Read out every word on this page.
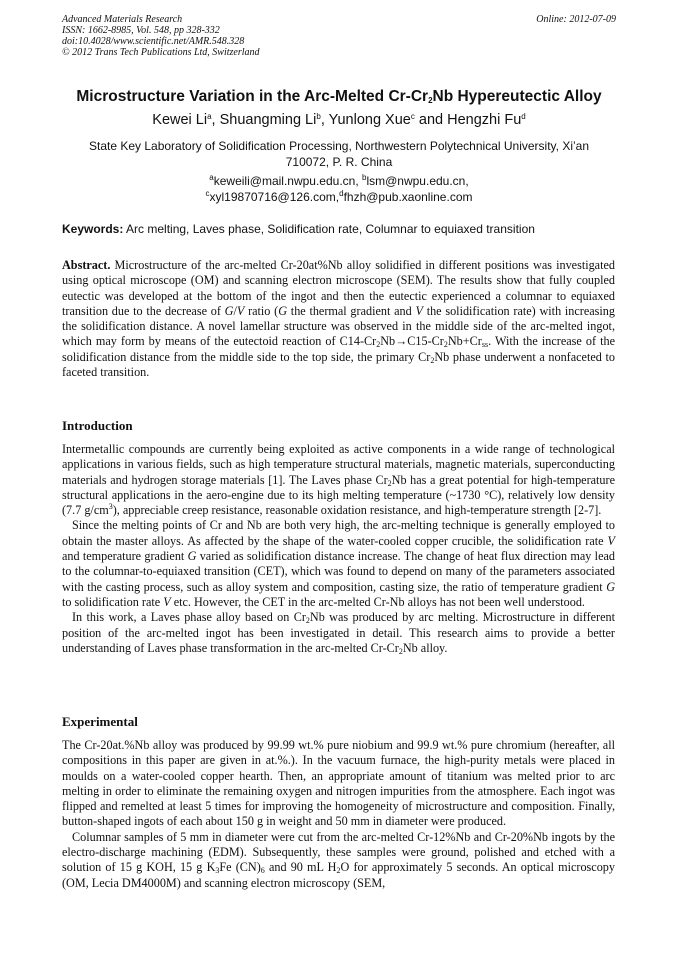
Advanced Materials Research
ISSN: 1662-8985, Vol. 548, pp 328-332
doi:10.4028/www.scientific.net/AMR.548.328
© 2012 Trans Tech Publications Ltd, Switzerland
Online: 2012-07-09
Microstructure Variation in the Arc-Melted $Cr-Cr_2Nb$ Hypereutectic Alloy
Kewei Li$^a$, Shuangming Li$^b$, Yunlong Xue$^c$ and Hengzhi Fu$^d$
State Key Laboratory of Solidification Processing, Northwestern Polytechnical University, Xi’an
710072, P. R. China
$^a$keweili@mail.nwpu.edu.cn, $^b$lsm@nwpu.edu.cn,
$^c$xyl19870716@126.com,$^d$fhzh@pub.xaonline.com
Keywords: Arc melting, Laves phase, Solidification rate, Columnar to equiaxed transition

Abstract. Microstructure of the arc-melted Cr-20at%Nb alloy solidified in different positions was investigated using optical microscope (OM) and scanning electron microscope (SEM). The results show that fully coupled eutectic was developed at the bottom of the ingot and then the eutectic experienced a columnar to equiaxed transition due to the decrease of G/V ratio (G the thermal gradient and V the solidification rate) with increasing the solidification distance. A novel lamellar structure was observed in the middle side of the arc-melted ingot, which may form by means of the eutectoid reaction of $C14-Cr_2Nb\to C15-Cr_2Nb+Cr_{ss}$. With the increase of the solidification distance from the middle side to the top side, the primary $Cr_2Nb$ phase underwent a nonfaceted to faceted transition.

Introduction

Intermetallic compounds are currently being exploited as active components in a wide range of technological applications in various fields, such as high temperature structural materials, magnetic materials, superconducting materials and hydrogen storage materials [1]. The Laves phase $Cr_2Nb$ has a great potential for high-temperature structural applications in the aero-engine due to its high melting temperature (~1730 °C), relatively low density (7.7 $g/cm^3$), appreciable creep resistance, reasonable oxidation resistance, and high-temperature strength [2-7].

Since the melting points of Cr and Nb are both very high, the arc-melting technique is generally employed to obtain the master alloys. As affected by the shape of the water-cooled copper crucible, the solidification rate V and temperature gradient G varied as solidification distance increase. The change of heat flux direction may lead to the columnar-to-equiaxed transition (CET), which was found to depend on many of the parameters associated with the casting process, such as alloy system and composition, casting size, the ratio of temperature gradient G to solidification rate V etc. However, the CET in the arc-melted Cr-Nb alloys has not been well understood.

In this work, a Laves phase alloy based on $Cr_2Nb$ was produced by arc melting. Microstructure in different position of the arc-melted ingot has been investigated in detail. This research aims to provide a better understanding of Laves phase transformation in the arc-melted $Cr-Cr_2Nb$ alloy.

Experimental

The Cr-20at.%Nb alloy was produced by 99.99 wt.% pure niobium and 99.9 wt.% pure chromium (hereafter, all compositions in this paper are given in at.%.). In the vacuum furnace, the high-purity metals were placed in moulds on a water-cooled copper hearth. Then, an appropriate amount of titanium was melted prior to arc melting in order to eliminate the remaining oxygen and nitrogen impurities from the atmosphere. Each ingot was flipped and remelted at least 5 times for improving the homogeneity of microstructure and composition. Finally, button-shaped ingots of each about 150 g in weight and 50 mm in diameter were produced.

Columnar samples of 5 mm in diameter were cut from the arc-melted Cr-12%Nb and Cr-20%Nb ingots by the electro-discharge machining (EDM). Subsequently, these samples were ground, polished and etched with a solution of 15 g KOH, 15 g $K_3Fe$ $(CN)_6$ and 90 mL $H_2O$ for approximately 5 seconds. An optical microscopy (OM, Lecia DM4000M) and scanning electron microscopy (SEM,
